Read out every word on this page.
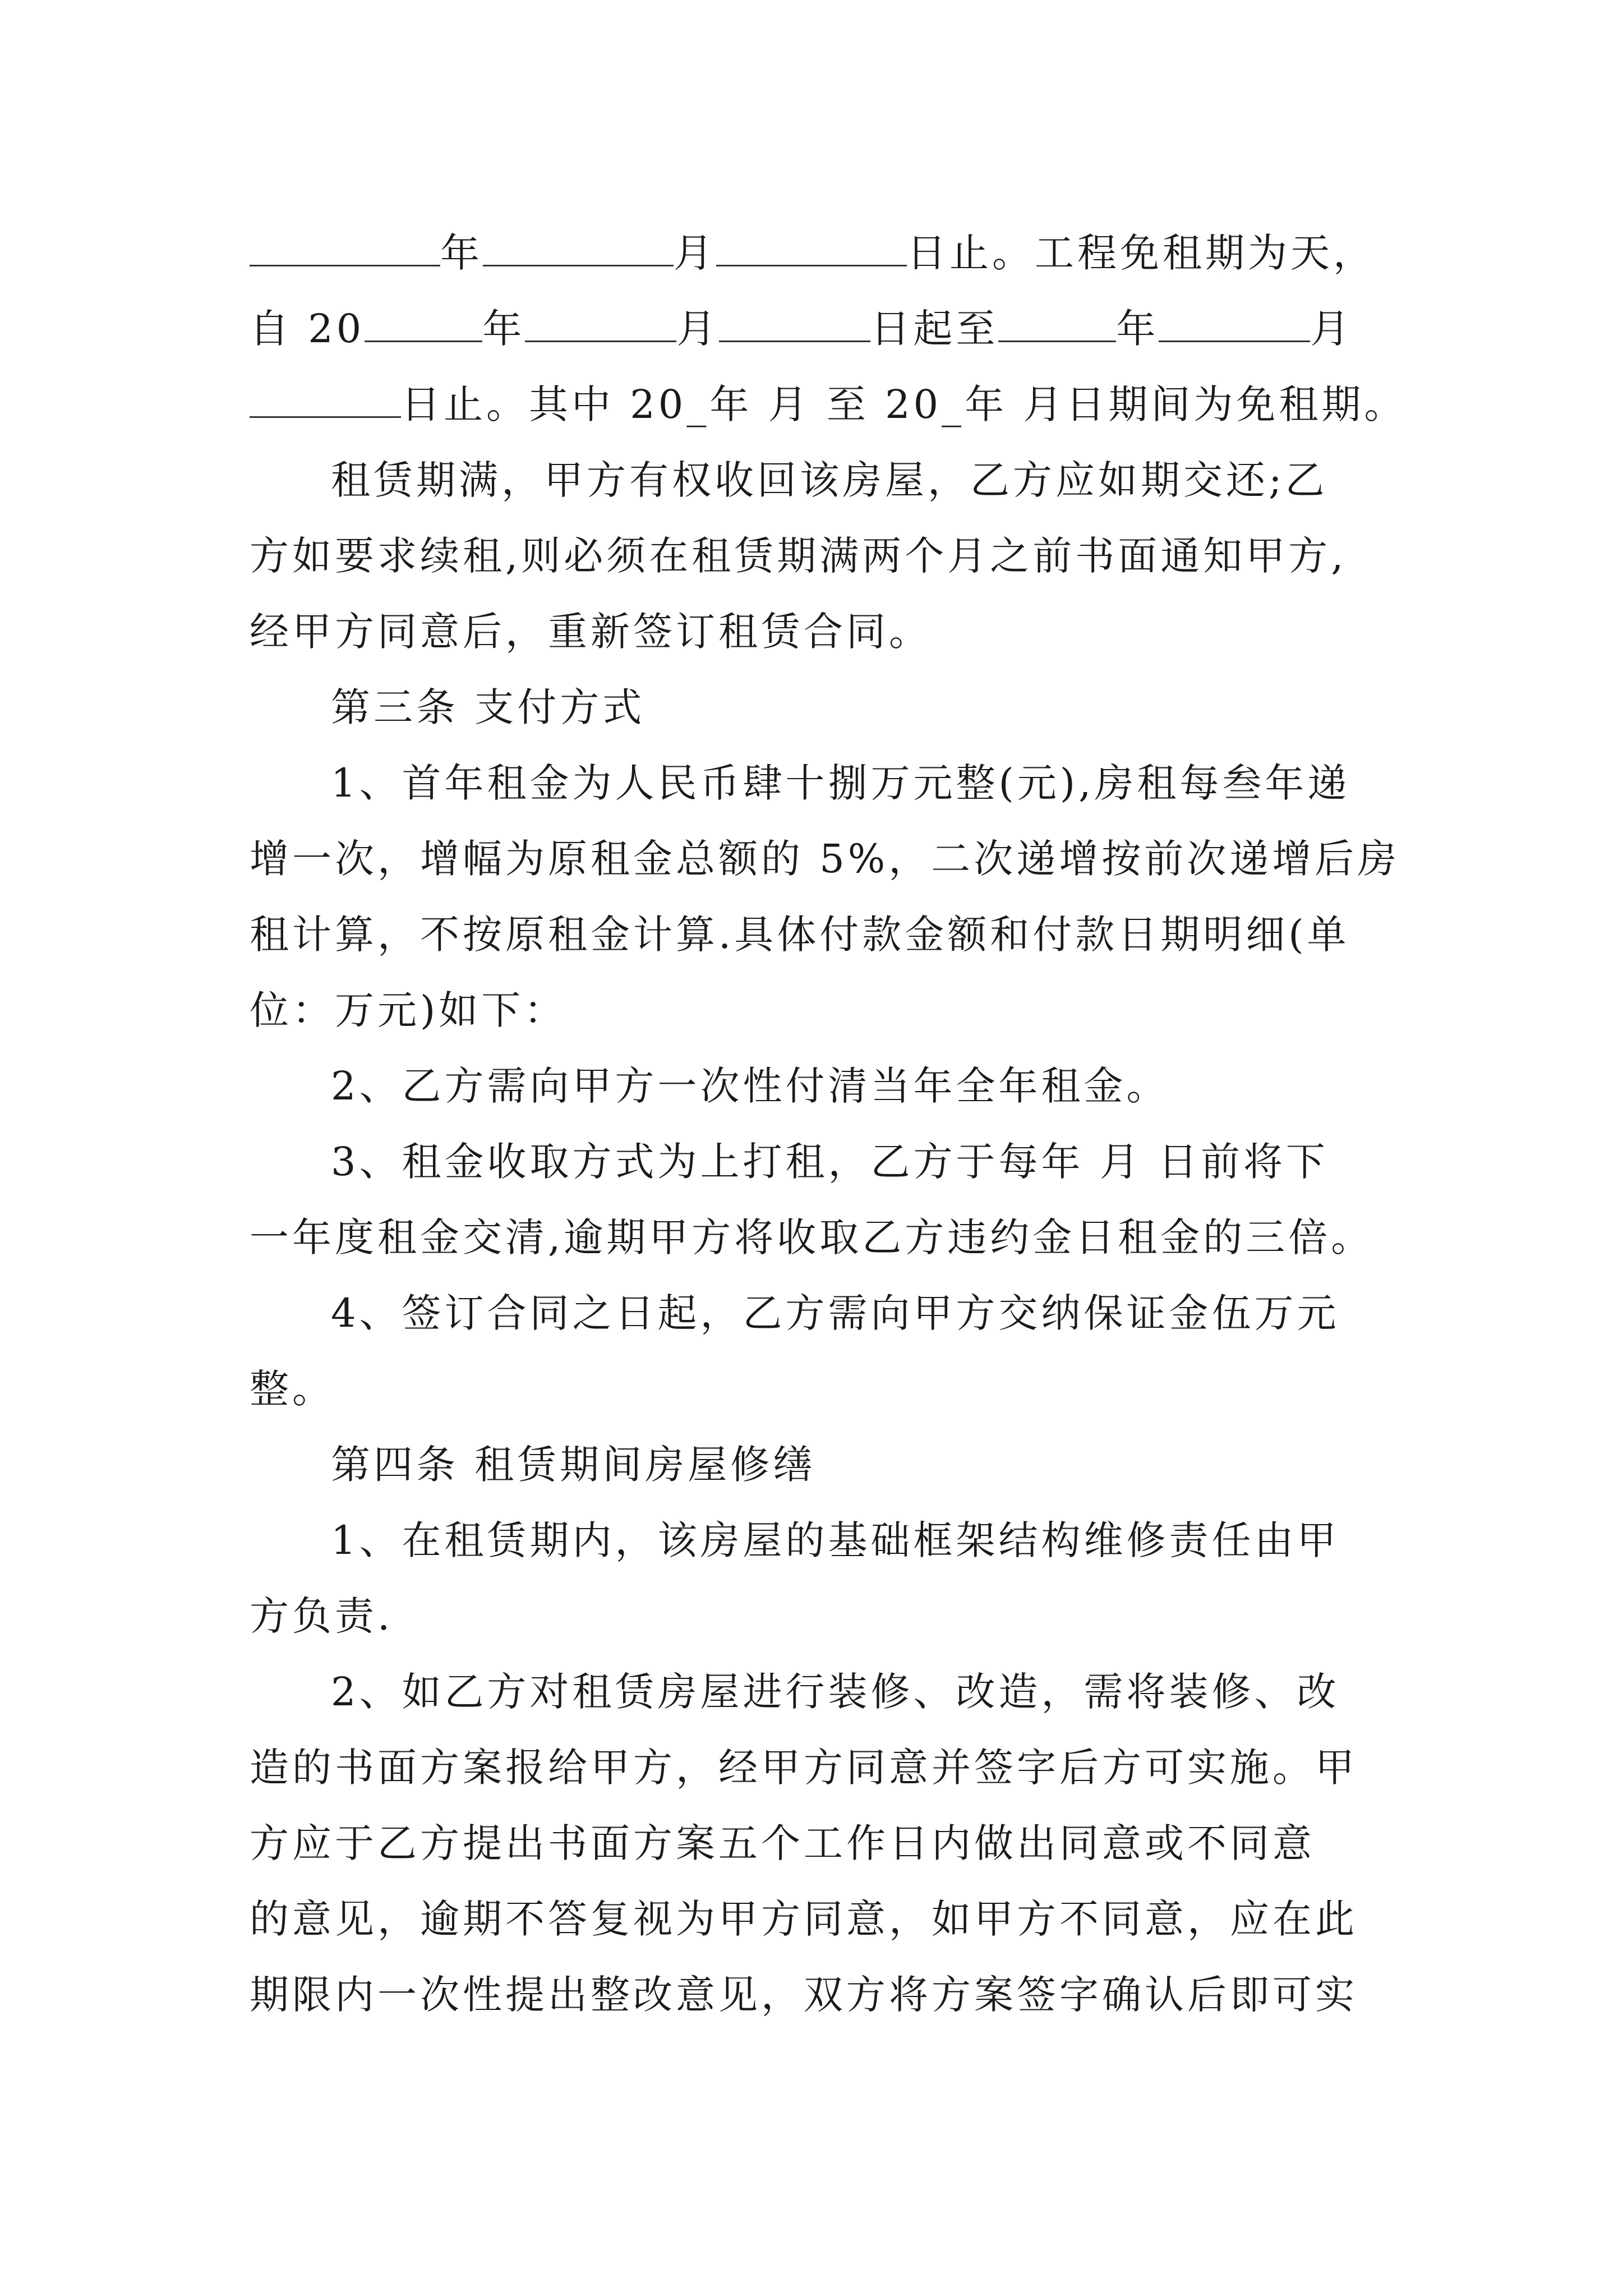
年	月	日止。工程免租期为天，
自 20	年	月	日起至	年	月
日止。其中 20_年 月 至 20_年 月日期间为免租期。
租赁期满，甲方有权收回该房屋，乙方应如期交还;乙
方如要求续租,则必须在租赁期满两个月之前书面通知甲方,
经甲方同意后，重新签订租赁合同。
第三条 支付方式
1、首年租金为人民币肆十捌万元整(元),房租每叁年递
增一次，增幅为原租金总额的 5%，二次递增按前次递增后房
租计算，不按原租金计算.具体付款金额和付款日期明细(单
位：万元)如下：
2、乙方需向甲方一次性付清当年全年租金。
3、租金收取方式为上打租，乙方于每年 月 日前将下
一年度租金交清,逾期甲方将收取乙方违约金日租金的三倍。
4、签订合同之日起，乙方需向甲方交纳保证金伍万元
整。
第四条 租赁期间房屋修缮
1、在租赁期内，该房屋的基础框架结构维修责任由甲
方负责.
2、如乙方对租赁房屋进行装修、改造，需将装修、改
造的书面方案报给甲方，经甲方同意并签字后方可实施。甲
方应于乙方提出书面方案五个工作日内做出同意或不同意
的意见，逾期不答复视为甲方同意，如甲方不同意，应在此
期限内一次性提出整改意见，双方将方案签字确认后即可实
